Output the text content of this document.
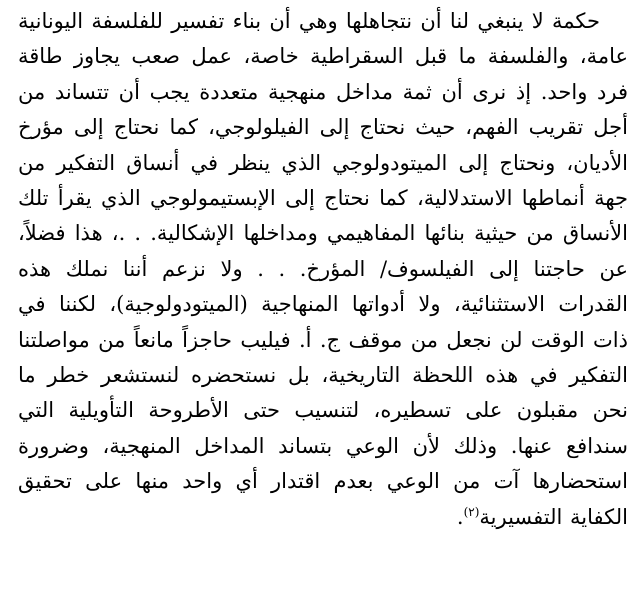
حكمة لا ينبغي لنا أن نتجاهلها وهي أن بناء تفسير للفلسفة اليونانية عامة، والفلسفة ما قبل السقراطية خاصة، عمل صعب يجاوز طاقة فرد واحد. إذ نرى أن ثمة مداخل منهجية متعددة يجب أن تتساند من أجل تقريب الفهم، حيث نحتاج إلى الفيلولوجي، كما نحتاج إلى مؤرخ الأديان، ونحتاج إلى الميتودولوجي الذي ينظر في أنساق التفكير من جهة أنماطها الاستدلالية، كما نحتاج إلى الإبستيمولوجي الذي يقرأ تلك الأنساق من حيثية بنائها المفاهيمي ومداخلها الإشكالية. . .، هذا فضلاً، عن حاجتنا إلى الفيلسوف/ المؤرخ. . . ولا نزعم أننا نملك هذه القدرات الاستثنائية، ولا أدواتها المنهاجية (الميتودولوجية)، لكننا في ذات الوقت لن نجعل من موقف ج. أ. فيليب حاجزاً مانعاً من مواصلتنا التفكير في هذه اللحظة التاريخية، بل نستحضره لنستشعر خطر ما نحن مقبلون على تسطيره، لتنسيب حتى الأطروحة التأويلية التي سندافع عنها. وذلك لأن الوعي بتساند المداخل المنهجية، وضرورة استحضارها آت من الوعي بعدم اقتدار أي واحد منها على تحقيق الكفاية التفسيرية$^{(٢)}$.
